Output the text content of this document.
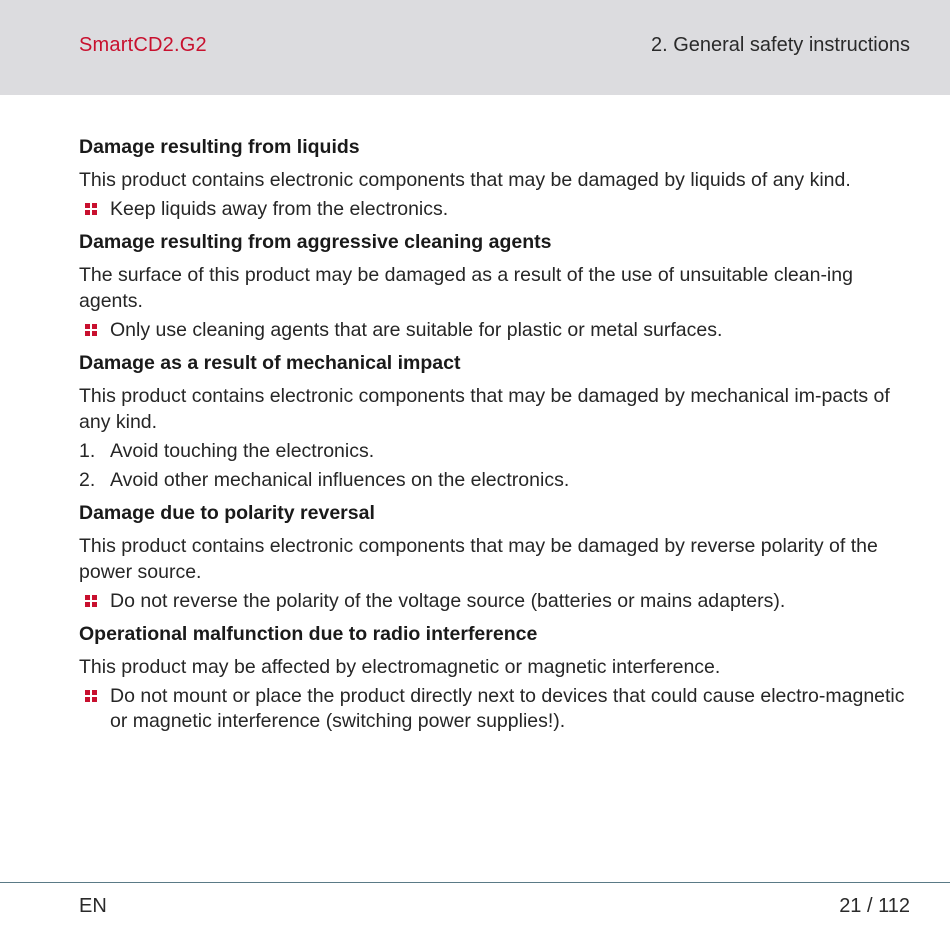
SmartCD2.G2	2. General safety instructions
Damage resulting from liquids
This product contains electronic components that may be damaged by liquids of any kind.
Keep liquids away from the electronics.
Damage resulting from aggressive cleaning agents
The surface of this product may be damaged as a result of the use of unsuitable clean-ing agents.
Only use cleaning agents that are suitable for plastic or metal surfaces.
Damage as a result of mechanical impact
This product contains electronic components that may be damaged by mechanical im-pacts of any kind.
1. Avoid touching the electronics.
2. Avoid other mechanical influences on the electronics.
Damage due to polarity reversal
This product contains electronic components that may be damaged by reverse polarity of the power source.
Do not reverse the polarity of the voltage source (batteries or mains adapters).
Operational malfunction due to radio interference
This product may be affected by electromagnetic or magnetic interference.
Do not mount or place the product directly next to devices that could cause electro-magnetic or magnetic interference (switching power supplies!).
EN	21 / 112
